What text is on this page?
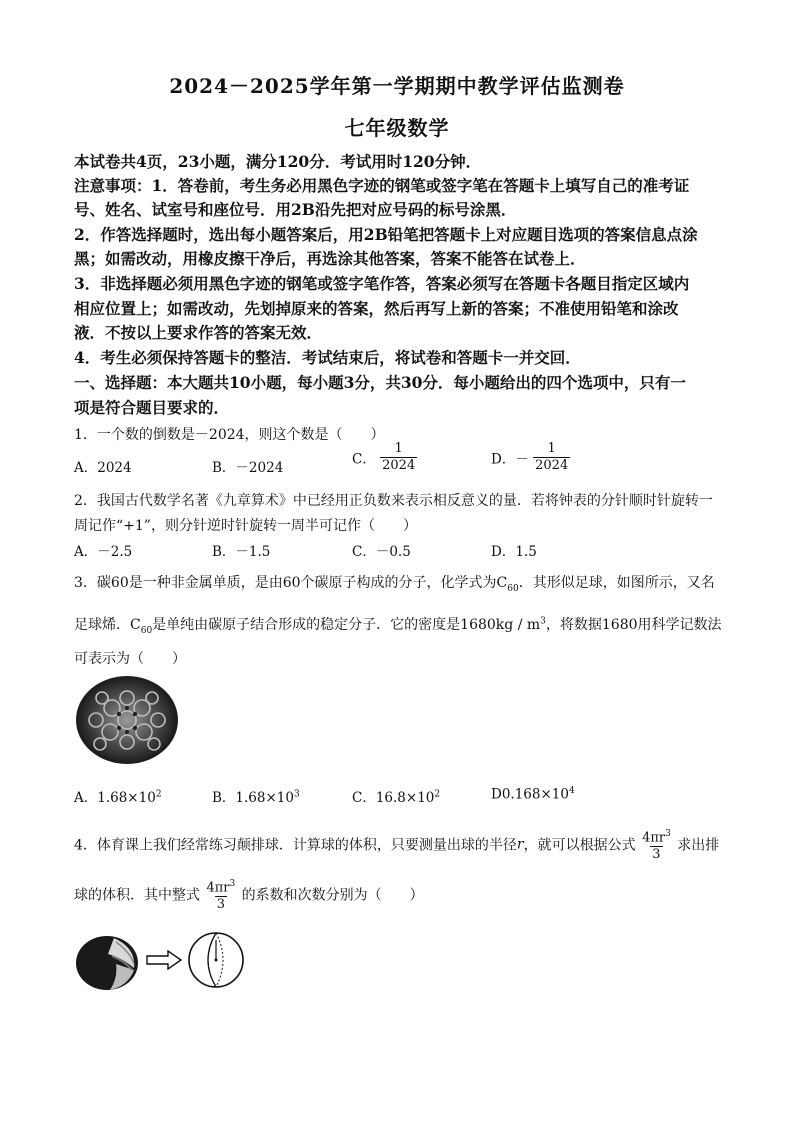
2024－2025学年第一学期期中教学评估监测卷
七年级数学
本试卷共4页，23小题，满分120分．考试用时120分钟．
注意事项：1．答卷前，考生务必用黑色字迹的钢笔或签字笔在答题卡上填写自己的准考证
号、姓名、试室号和座位号．用2B沿先把对应号码的标号涂黑．
2．作答选择题时，选出每小题答案后，用2B铅笔把答题卡上对应题目选项的答案信息点涂
黑；如需改动，用橡皮擦干净后，再选涂其他答案，答案不能答在试卷上．
3．非选择题必须用黑色字迹的钢笔或签字笔作答，答案必须写在答题卡各题目指定区域内
相应位置上；如需改动，先划掉原来的答案，然后再写上新的答案；不准使用铅笔和涂改
液．不按以上要求作答的答案无效．
4．考生必须保持答题卡的整洁．考试结束后，将试卷和答题卡一并交回．
一、选择题：本大题共10小题，每小题3分，共30分．每小题给出的四个选项中，只有一
项是符合题目要求的．
1．一个数的倒数是－2024，则这个数是（　　）
A．2024	B．－2024
C． $\frac{1}{2024}$	D．－ $\frac{1}{2024}$
2．我国古代数学名著《九章算术》中已经用正负数来表示相反意义的量．若将钟表的分针顺时针旋转一
周记作“+1”，则分针逆时针旋转一周半可记作（　　）
A．－2.5	B．－1.5	C．－0.5	D．1.5
3．碳60是一种非金属单质，是由60个碳原子构成的分子，化学式为$C_{60}$．其形似足球，如图所示，又名
足球烯．$C_{60}$是单纯由碳原子结合形成的稳定分子．它的密度是$1680kg / m^3$，将数据1680用科学记数法
可表示为（　　）
A．$1.68\times 10^2$	B．$1.68\times 10^3$	C．$16.8\times 10^2$	$D0.168\times 10^4$
4．体育课上我们经常练习颠排球．计算球的体积，只要测量出球的半径r，就可以根据公式 $\frac{4\pi r^3}{3}$ 求出排
球的体积．其中整式 $\frac{4\pi r^3}{3}$ 的系数和次数分别为（　　）
